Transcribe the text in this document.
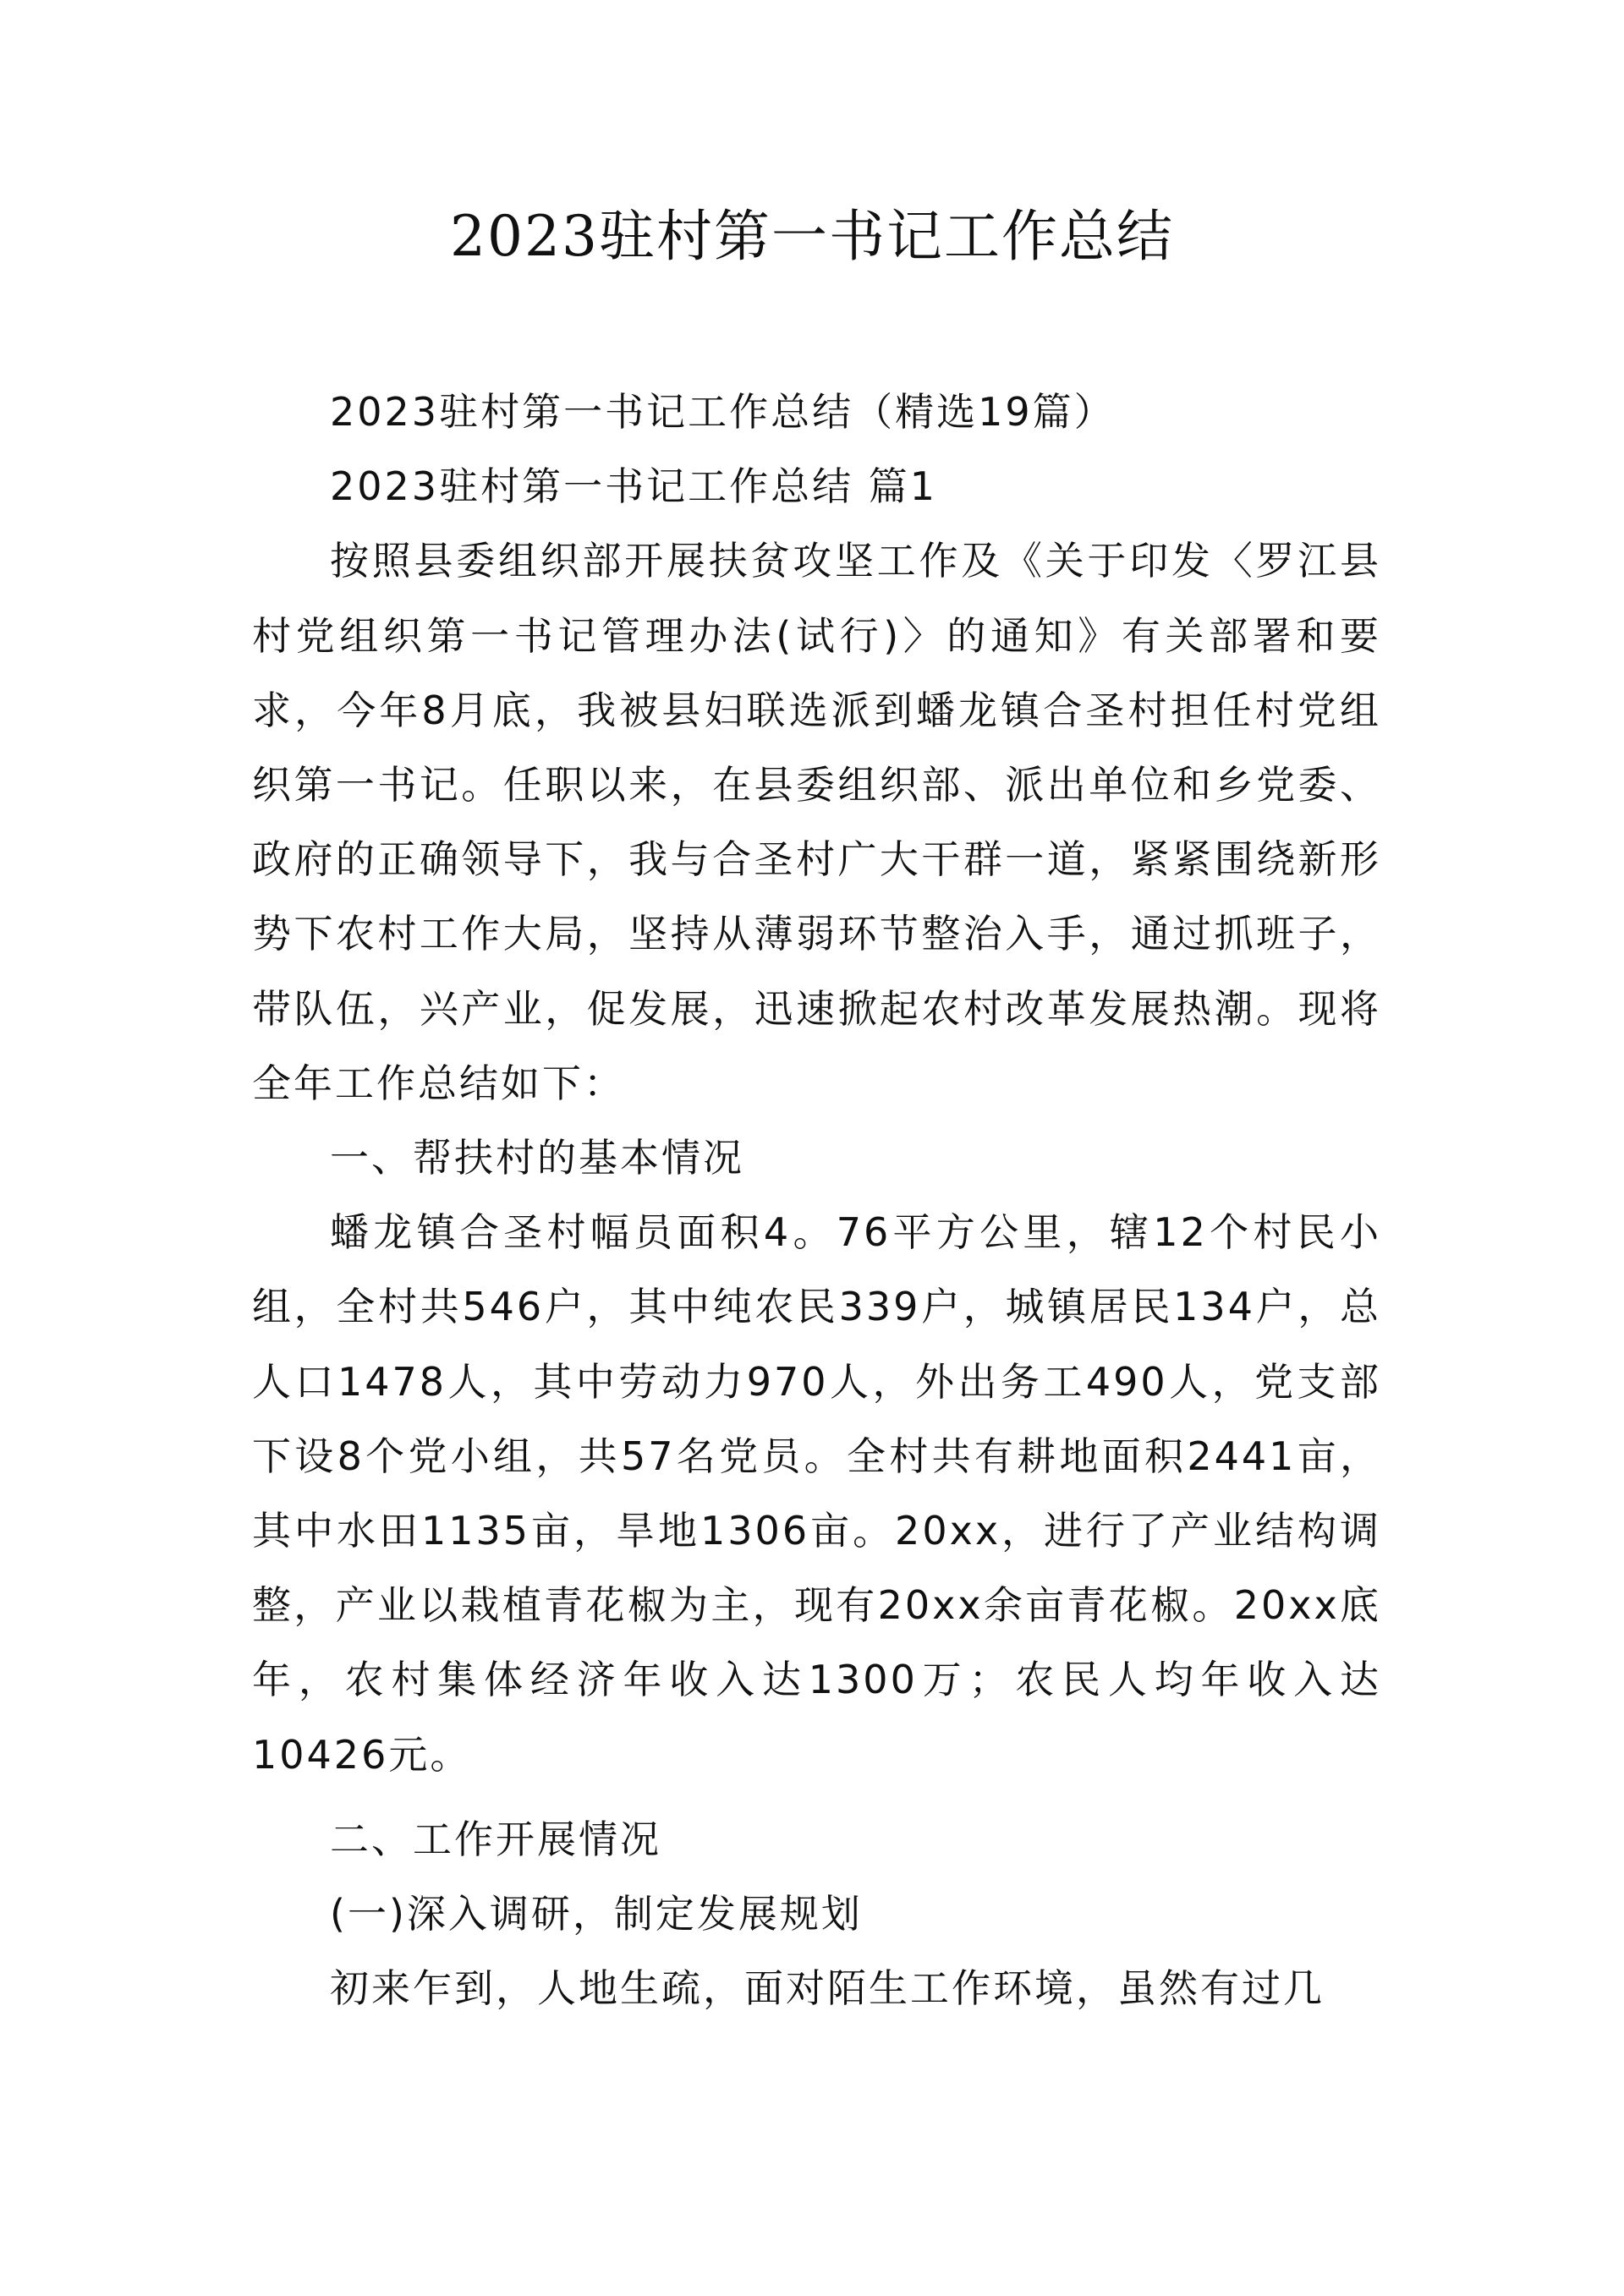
2023驻村第一书记工作总结

2023驻村第一书记工作总结（精选19篇）

2023驻村第一书记工作总结 篇1

按照县委组织部开展扶贫攻坚工作及《关于印发〈罗江县村党组织第一书记管理办法(试行)〉的通知》有关部署和要求，今年8月底，我被县妇联选派到蟠龙镇合圣村担任村党组织第一书记。任职以来，在县委组织部、派出单位和乡党委、政府的正确领导下，我与合圣村广大干群一道，紧紧围绕新形势下农村工作大局，坚持从薄弱环节整治入手，通过抓班子，带队伍，兴产业，促发展，迅速掀起农村改革发展热潮。现将全年工作总结如下：

一、帮扶村的基本情况

蟠龙镇合圣村幅员面积4。76平方公里，辖12个村民小组，全村共546户，其中纯农民339户，城镇居民134户，总人口1478人，其中劳动力970人，外出务工490人，党支部下设8个党小组，共57名党员。全村共有耕地面积2441亩，其中水田1135亩，旱地1306亩。20xx，进行了产业结构调整，产业以栽植青花椒为主，现有20xx余亩青花椒。20xx底年，农村集体经济年收入达1300万；农民人均年收入达10426元。

二、工作开展情况

(一)深入调研，制定发展规划

初来乍到，人地生疏，面对陌生工作环境，虽然有过几
